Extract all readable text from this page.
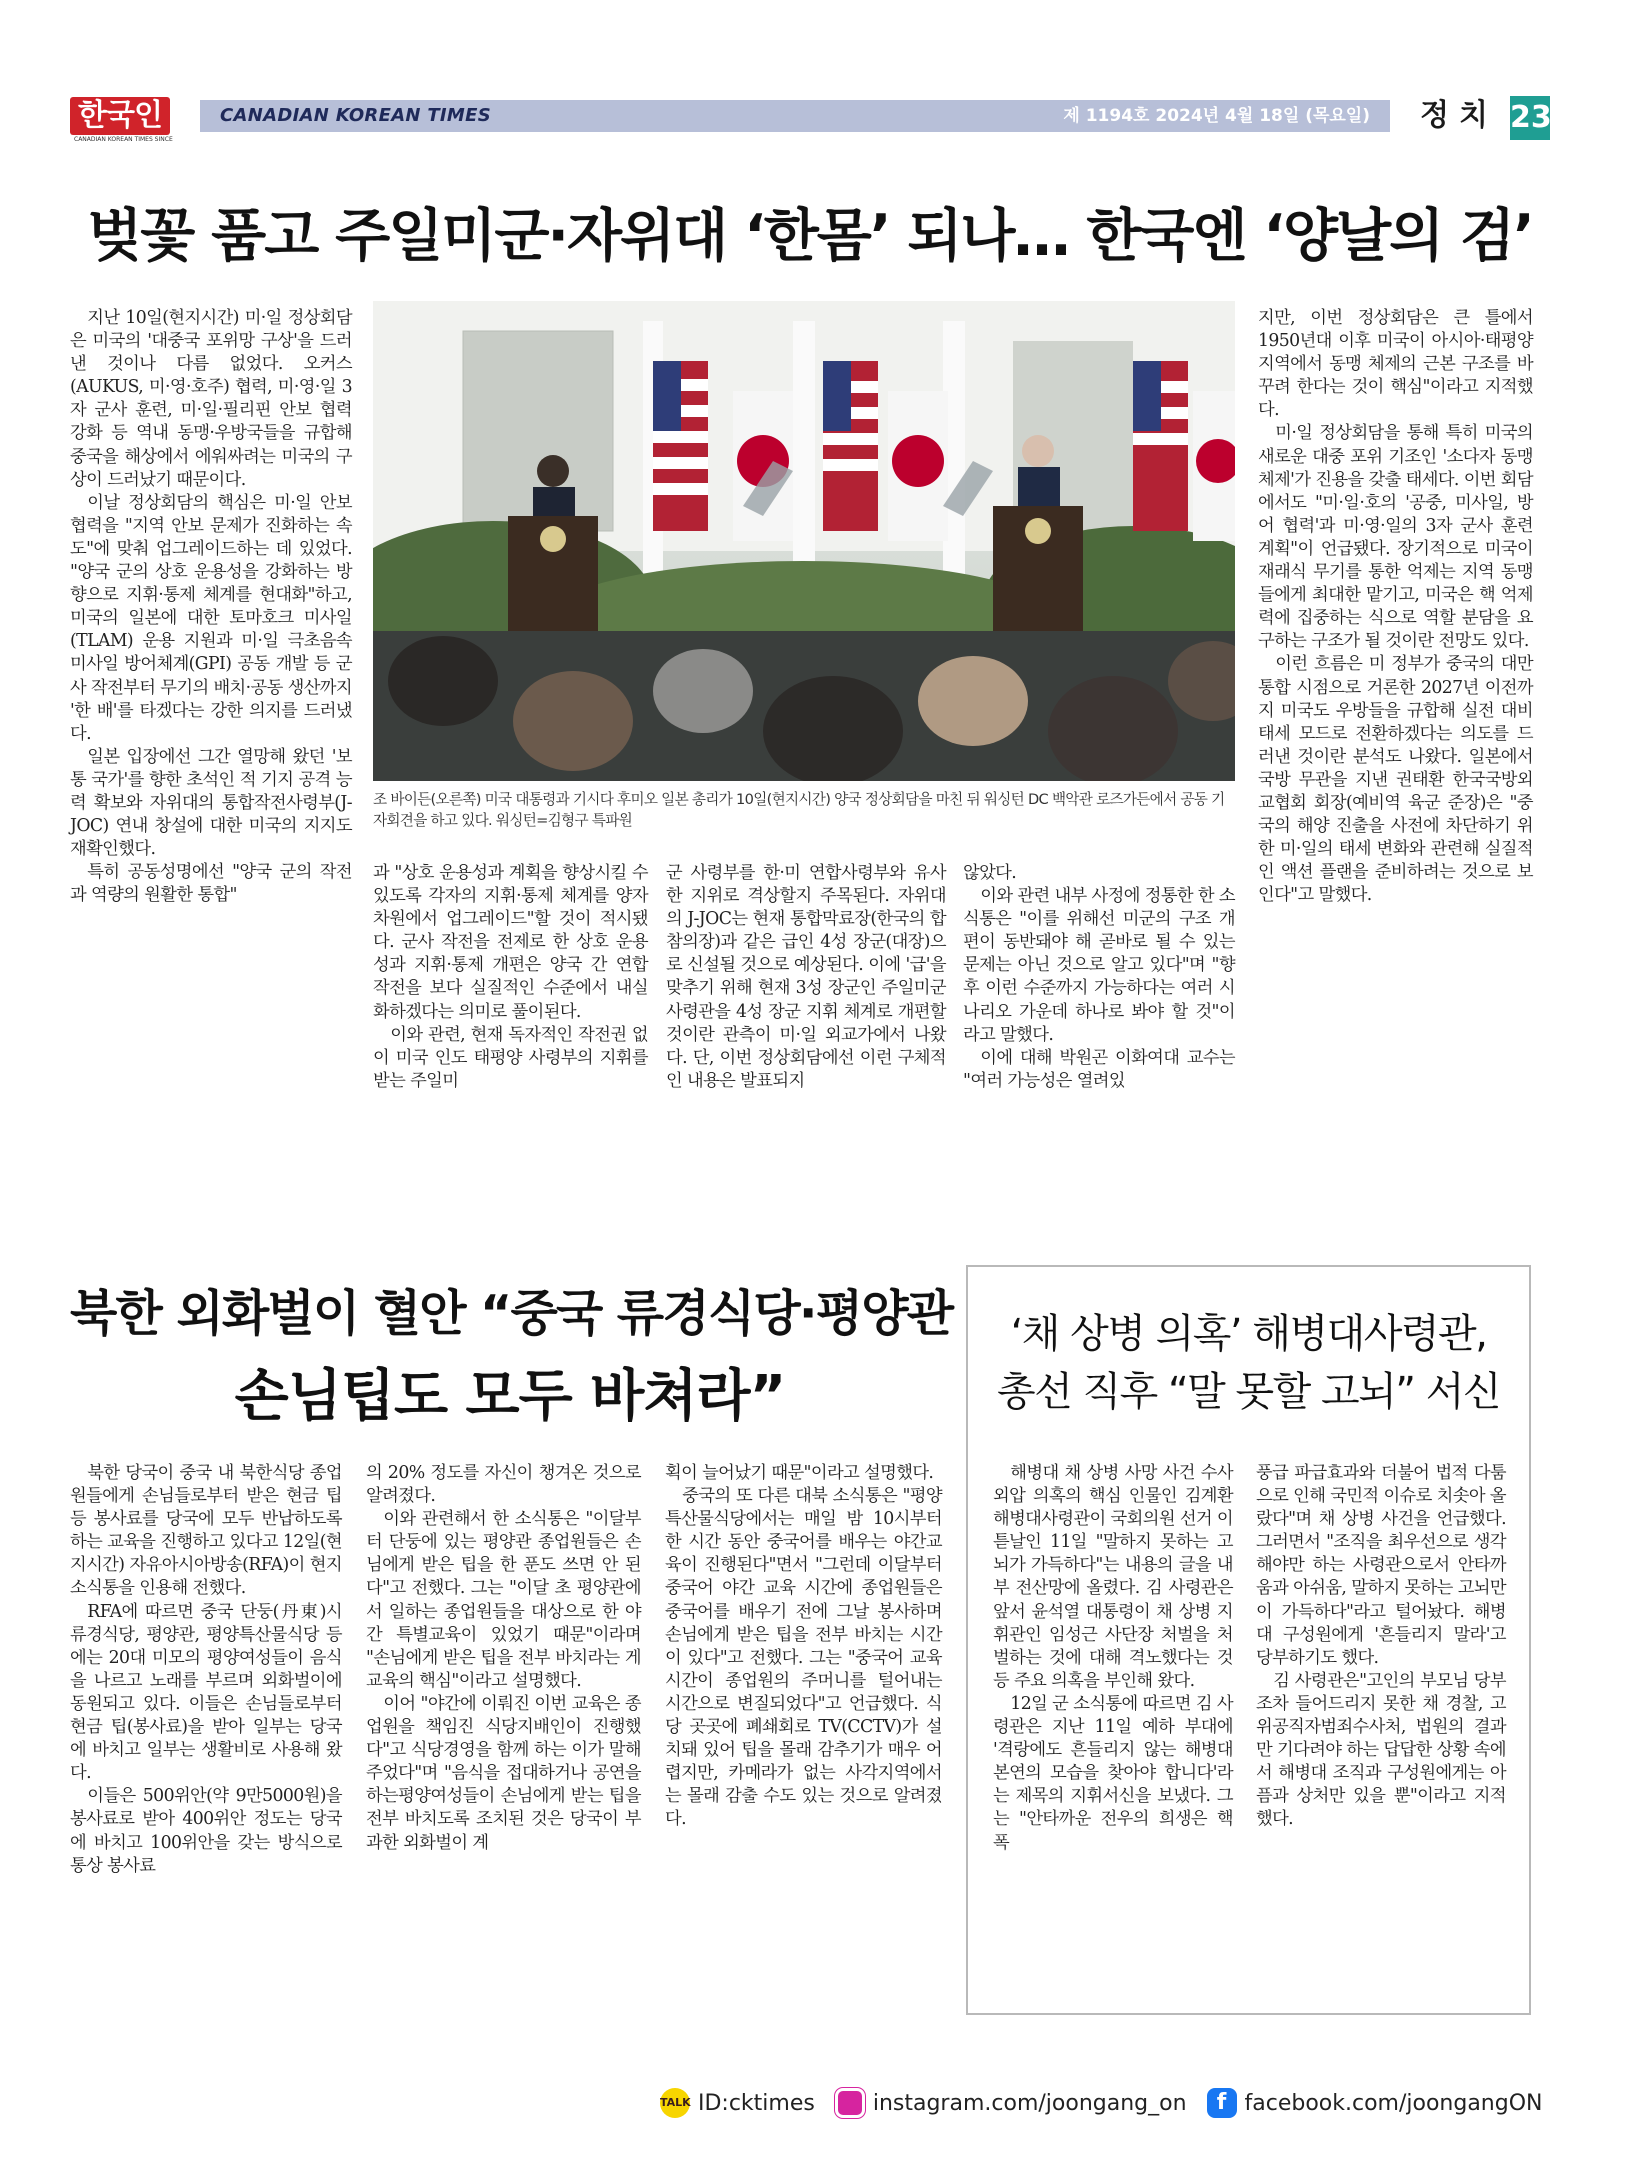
한국인
CANADIAN KOREAN TIMES SINCE
CANADIAN KOREAN TIMES	제 1194호 2024년 4월 18일 (목요일) 정치 23
벚꽃 품고 주일미군·자위대 ‘한몸’ 되나… 한국엔 ‘양날의 검’

지난 10일(현지시간) 미·일 정상회담은 미국의 '대중국 포위망 구상'을 드러낸 것이나 다름 없었다. 오커스(AUKUS, 미·영·호주) 협력, 미·영·일 3자 군사 훈련, 미·일·필리핀 안보 협력 강화 등 역내 동맹·우방국들을 규합해 중국을 해상에서 에워싸려는 미국의 구상이 드러났기 때문이다.

이날 정상회담의 핵심은 미·일 안보 협력을 "지역 안보 문제가 진화하는 속도"에 맞춰 업그레이드하는 데 있었다. "양국 군의 상호 운용성을 강화하는 방향으로 지휘·통제 체계를 현대화"하고, 미국의 일본에 대한 토마호크 미사일(TLAM) 운용 지원과 미·일 극초음속 미사일 방어체계(GPI) 공동 개발 등 군사 작전부터 무기의 배치·공동 생산까지 '한 배'를 타겠다는 강한 의지를 드러냈다.

일본 입장에선 그간 열망해 왔던 '보통 국가'를 향한 초석인 적 기지 공격 능력 확보와 자위대의 통합작전사령부(J-JOC) 연내 창설에 대한 미국의 지지도 재확인했다.

특히 공동성명에선 "양국 군의 작전과 역량의 원활한 통합"

조 바이든(오른쪽) 미국 대통령과 기시다 후미오 일본 총리가 10일(현지시간) 양국 정상회담을 마친 뒤 워싱턴 DC 백악관 로즈가든에서 공동 기자회견을 하고 있다. 워싱턴=김형구 특파원

과 "상호 운용성과 계획을 향상시킬 수 있도록 각자의 지휘·통제 체계를 양자 차원에서 업그레이드"할 것이 적시됐다. 군사 작전을 전제로 한 상호 운용성과 지휘·통제 개편은 양국 간 연합 작전을 보다 실질적인 수준에서 내실화하겠다는 의미로 풀이된다.

이와 관련, 현재 독자적인 작전권 없이 미국 인도 태평양 사령부의 지휘를 받는 주일미

군 사령부를 한·미 연합사령부와 유사한 지위로 격상할지 주목된다. 자위대의 J-JOC는 현재 통합막료장(한국의 합참의장)과 같은 급인 4성 장군(대장)으로 신설될 것으로 예상된다. 이에 '급'을 맞추기 위해 현재 3성 장군인 주일미군사령관을 4성 장군 지휘 체계로 개편할 것이란 관측이 미·일 외교가에서 나왔다. 단, 이번 정상회담에선 이런 구체적인 내용은 발표되지

않았다.

이와 관련 내부 사정에 정통한 한 소식통은 "이를 위해선 미군의 구조 개편이 동반돼야 해 곧바로 될 수 있는 문제는 아닌 것으로 알고 있다"며 "향후 이런 수준까지 가능하다는 여러 시나리오 가운데 하나로 봐야 할 것"이라고 말했다.

이에 대해 박원곤 이화여대 교수는 "여러 가능성은 열려있

지만, 이번 정상회담은 큰 틀에서 1950년대 이후 미국이 아시아·태평양 지역에서 동맹 체제의 근본 구조를 바꾸려 한다는 것이 핵심"이라고 지적했다.

미·일 정상회담을 통해 특히 미국의 새로운 대중 포위 기조인 '소다자 동맹 체제'가 진용을 갖출 태세다. 이번 회담에서도 "미·일·호의 '공중, 미사일, 방어 협력'과 미·영·일의 3자 군사 훈련 계획"이 언급됐다. 장기적으로 미국이 재래식 무기를 통한 억제는 지역 동맹들에게 최대한 맡기고, 미국은 핵 억제력에 집중하는 식으로 역할 분담을 요구하는 구조가 될 것이란 전망도 있다.

이런 흐름은 미 정부가 중국의 대만 통합 시점으로 거론한 2027년 이전까지 미국도 우방들을 규합해 실전 대비 태세 모드로 전환하겠다는 의도를 드러낸 것이란 분석도 나왔다. 일본에서 국방 무관을 지낸 권태환 한국국방외교협회 회장(예비역 육군 준장)은 "중국의 해양 진출을 사전에 차단하기 위한 미·일의 태세 변화와 관련해 실질적인 액션 플랜을 준비하려는 것으로 보인다"고 말했다.

북한 외화벌이 혈안 “중국 류경식당·평양관
손님팁도 모두 바쳐라”

북한 당국이 중국 내 북한식당 종업원들에게 손님들로부터 받은 현금 팁 등 봉사료를 당국에 모두 반납하도록 하는 교육을 진행하고 있다고 12일(현지시간) 자유아시아방송(RFA)이 현지 소식통을 인용해 전했다.

RFA에 따르면 중국 단둥(丹東)시 류경식당, 평양관, 평양특산물식당 등에는 20대 미모의 평양여성들이 음식을 나르고 노래를 부르며 외화벌이에 동원되고 있다. 이들은 손님들로부터 현금 팁(봉사료)을 받아 일부는 당국에 바치고 일부는 생활비로 사용해 왔다.

이들은 500위안(약 9만5000원)을 봉사료로 받아 400위안 정도는 당국에 바치고 100위안을 갖는 방식으로 통상 봉사료

의 20% 정도를 자신이 챙겨온 것으로 알려졌다.

이와 관련해서 한 소식통은 "이달부터 단둥에 있는 평양관 종업원들은 손님에게 받은 팁을 한 푼도 쓰면 안 된다"고 전했다. 그는 "이달 초 평양관에서 일하는 종업원들을 대상으로 한 야간 특별교육이 있었기 때문"이라며 "손님에게 받은 팁을 전부 바치라는 게 교육의 핵심"이라고 설명했다.

이어 "야간에 이뤄진 이번 교육은 종업원을 책임진 식당지배인이 진행했다"고 식당경영을 함께 하는 이가 말해주었다"며 "음식을 접대하거나 공연을 하는평양여성들이 손님에게 받는 팁을 전부 바치도록 조치된 것은 당국이 부과한 외화벌이 계

획이 늘어났기 때문"이라고 설명했다.

중국의 또 다른 대북 소식통은 "평양특산물식당에서는 매일 밤 10시부터 한 시간 동안 중국어를 배우는 야간교육이 진행된다"면서 "그런데 이달부터 중국어 야간 교육 시간에 종업원들은 중국어를 배우기 전에 그날 봉사하며 손님에게 받은 팁을 전부 바치는 시간이 있다"고 전했다. 그는 "중국어 교육시간이 종업원의 주머니를 털어내는 시간으로 변질되었다"고 언급했다. 식당 곳곳에 폐쇄회로 TV(CCTV)가 설치돼 있어 팁을 몰래 감추기가 매우 어렵지만, 카메라가 없는 사각지역에서는 몰래 감출 수도 있는 것으로 알려졌다.

‘채 상병 의혹’ 해병대사령관,
총선 직후 “말 못할 고뇌” 서신

해병대 채 상병 사망 사건 수사 외압 의혹의 핵심 인물인 김계환 해병대사령관이 국회의원 선거 이튿날인 11일 "말하지 못하는 고뇌가 가득하다"는 내용의 글을 내부 전산망에 올렸다. 김 사령관은 앞서 윤석열 대통령이 채 상병 지휘관인 임성근 사단장 처벌을 처벌하는 것에 대해 격노했다는 것 등 주요 의혹을 부인해 왔다.

12일 군 소식통에 따르면 김 사령관은 지난 11일 예하 부대에 '격랑에도 흔들리지 않는 해병대 본연의 모습을 찾아야 합니다'라는 제목의 지휘서신을 보냈다. 그는 "안타까운 전우의 희생은 핵 폭

풍급 파급효과와 더불어 법적 다툼으로 인해 국민적 이슈로 치솟아 올랐다"며 채 상병 사건을 언급했다. 그러면서 "조직을 최우선으로 생각해야만 하는 사령관으로서 안타까움과 아쉬움, 말하지 못하는 고뇌만이 가득하다"라고 털어놨다. 해병대 구성원에게 '흔들리지 말라'고 당부하기도 했다.

김 사령관은"고인의 부모님 당부조차 들어드리지 못한 채 경찰, 고위공직자범죄수사처, 법원의 결과만 기다려야 하는 답답한 상황 속에서 해병대 조직과 구성원에게는 아픔과 상처만 있을 뿐"이라고 지적했다.

TALK ID:cktimes	instagram.com/joongang_on	f facebook.com/joongangON
